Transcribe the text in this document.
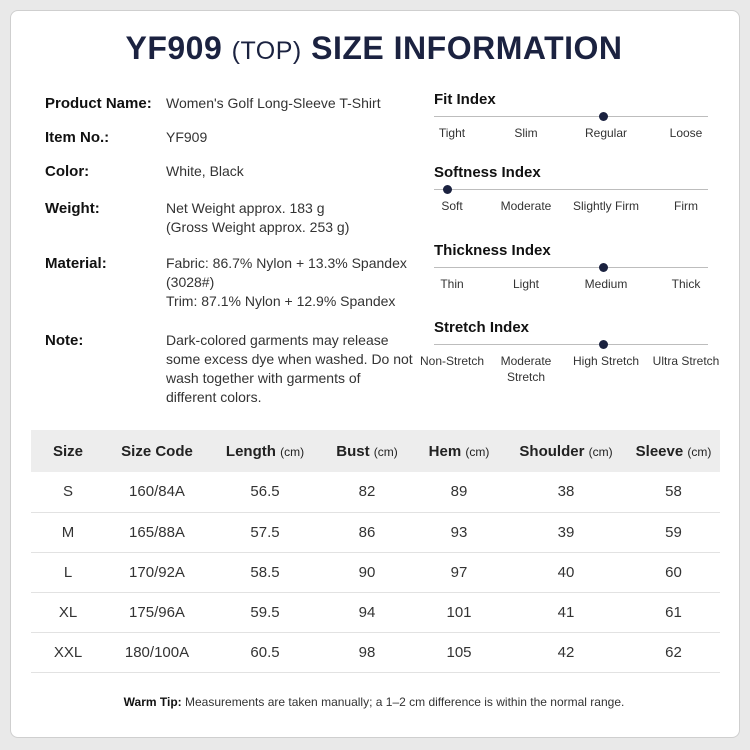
YF909 (TOP) SIZE INFORMATION
Product Name: Women's Golf Long-Sleeve T-Shirt
Item No.:	YF909
Color:	White, Black
Weight:	Net Weight approx. 183 g
(Gross Weight approx. 253 g)
Material:	Fabric: 86.7% Nylon + 13.3% Spandex
(3028#)
Trim: 87.1% Nylon + 12.9% Spandex
Note:	Dark-colored garments may release
some excess dye when washed. Do not
wash together with garments of
different colors.
Fit Index
Tight	Slim	Regular	Loose
Softness Index
Soft	Moderate	Slightly Firm	Firm
Thickness Index
Thin	Light	Medium	Thick
Stretch Index
Non-Stretch	Moderate Stretch
High Stretch Ultra Stretch
Size	Size Code	Length (cm)	Bust (cm)	Hem (cm)	Shoulder (cm)	Sleeve (cm)
S	160/84A	56.5	82	89	38	58
M	165/88A	57.5	86	93	39	59
L	170/92A	58.5	90	97	40	60
XL	175/96A	59.5	94	101	41	61
XXL	180/100A	60.5	98	105	42	62
Warm Tip: Measurements are taken manually; a 1–2 cm difference is within the normal range.
